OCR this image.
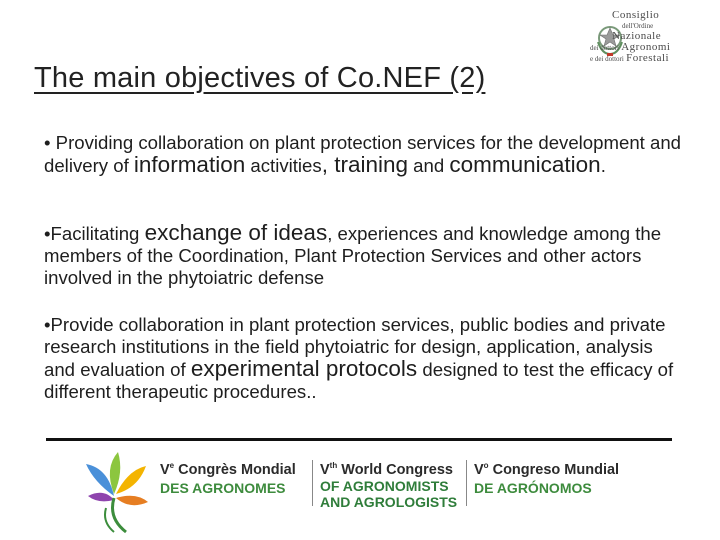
The main objectives of Co.NEF (2)
Consiglio
dell'Ordine
Nazionale
dei dottori Agronomi
e dei dottori Forestali
• Providing collaboration on plant protection services for the development and delivery of information activities, training and communication.
•Facilitating exchange of ideas, experiences and knowledge among the members of the Coordination, Plant Protection Services and other actors involved in the phytoiatric defense
•Provide collaboration in plant protection services, public bodies and private research institutions in the field phytoiatric for design, application, analysis and evaluation of experimental protocols designed to test the efficacy of different therapeutic procedures..
Ve Congrès Mondial
DES AGRONOMES
Vth World Congress
OF AGRONOMISTS
AND AGROLOGISTS
$V^o$ Congreso Mundial
DE AGRÓNOMOS
